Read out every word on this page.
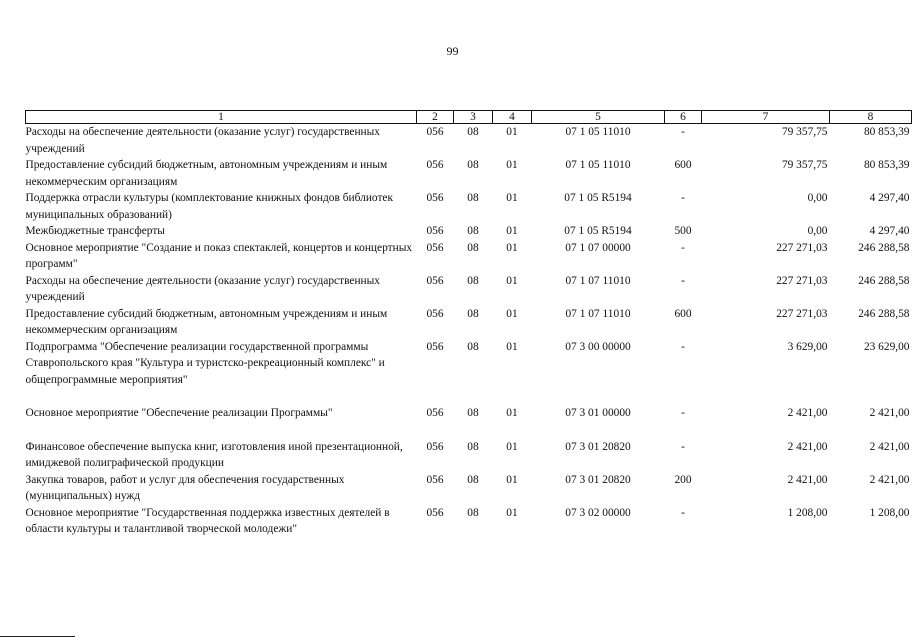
99
1	2	3	4	5	6	7	8
Расходы на обеспечение деятельности (оказание услуг) государственных учреждений	056	08	01	07 1 05 11010	-	79 357,75	80 853,39
Предоставление субсидий бюджетным, автономным учреждениям и иным некоммерческим организациям	056	08	01	07 1 05 11010	600	79 357,75	80 853,39
Поддержка отрасли культуры (комплектование книжных фондов библиотек муниципальных образований)	056	08	01	07 1 05 R5194	-	0,00	4 297,40
Межбюджетные трансферты	056	08	01	07 1 05 R5194	500	0,00	4 297,40
Основное мероприятие "Создание и показ спектаклей, концертов и концертных программ"	056	08	01	07 1 07 00000	-	227 271,03	246 288,58
Расходы на обеспечение деятельности (оказание услуг) государственных учреждений	056	08	01	07 1 07 11010	-	227 271,03	246 288,58
Предоставление субсидий бюджетным, автономным учреждениям и иным некоммерческим организациям	056	08	01	07 1 07 11010	600	227 271,03	246 288,58
Подпрограмма "Обеспечение реализации государственной программы Ставропольского края "Культура и туристско-рекреационный комплекс" и общепрограммные мероприятия"	056	08	01	07 3 00 00000	-	3 629,00	23 629,00

Основное мероприятие "Обеспечение реализации Программы"	056	08	01	07 3 01 00000	-	2 421,00	2 421,00

Финансовое обеспечение выпуска книг, изготовления иной презентационной, имиджевой полиграфической продукции	056	08	01	07 3 01 20820	-	2 421,00	2 421,00
Закупка товаров, работ и услуг для обеспечения государственных (муниципальных) нужд	056	08	01	07 3 01 20820	200	2 421,00	2 421,00
Основное мероприятие "Государственная поддержка известных деятелей в области культуры и талантливой творческой молодежи"	056	08	01	07 3 02 00000	-	1 208,00	1 208,00
